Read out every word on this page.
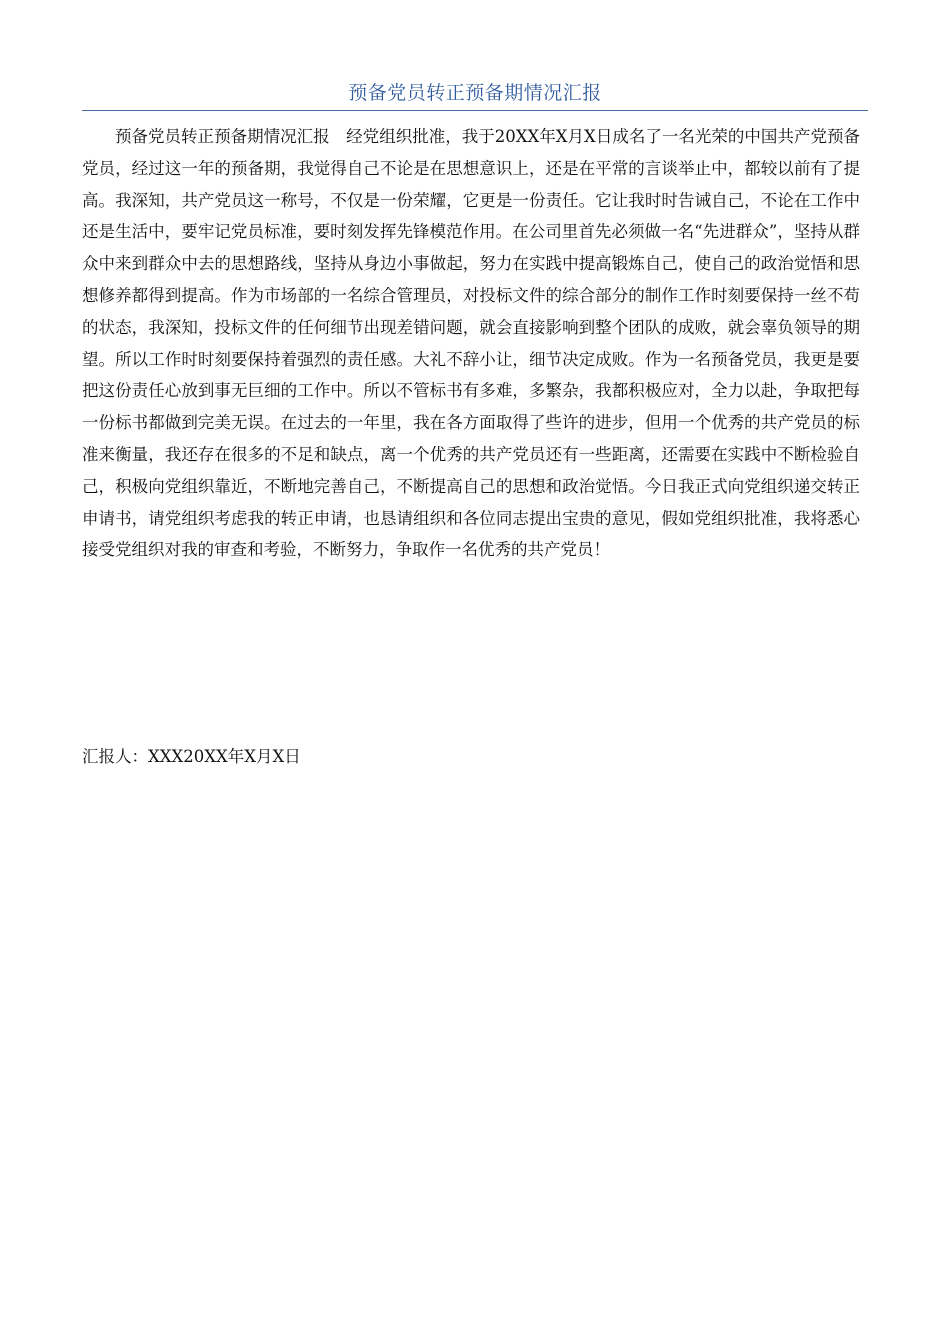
预备党员转正预备期情况汇报

预备党员转正预备期情况汇报　经党组织批准，我于20XX年X月X日成名了一名光荣的中国共产党预备党员，经过这一年的预备期，我觉得自己不论是在思想意识上，还是在平常的言谈举止中，都较以前有了提高。我深知，共产党员这一称号，不仅是一份荣耀，它更是一份责任。它让我时时告诫自己，不论在工作中还是生活中，要牢记党员标准，要时刻发挥先锋模范作用。在公司里首先必须做一名“先进群众”，坚持从群众中来到群众中去的思想路线，坚持从身边小事做起，努力在实践中提高锻炼自己，使自己的政治觉悟和思想修养都得到提高。作为市场部的一名综合管理员，对投标文件的综合部分的制作工作时刻要保持一丝不苟的状态，我深知，投标文件的任何细节出现差错问题，就会直接影响到整个团队的成败，就会辜负领导的期望。所以工作时时刻要保持着强烈的责任感。大礼不辞小让，细节决定成败。作为一名预备党员，我更是要把这份责任心放到事无巨细的工作中。所以不管标书有多难，多繁杂，我都积极应对，全力以赴，争取把每一份标书都做到完美无误。在过去的一年里，我在各方面取得了些许的进步，但用一个优秀的共产党员的标准来衡量，我还存在很多的不足和缺点，离一个优秀的共产党员还有一些距离，还需要在实践中不断检验自己，积极向党组织靠近，不断地完善自己，不断提高自己的思想和政治觉悟。今日我正式向党组织递交转正申请书，请党组织考虑我的转正申请，也恳请组织和各位同志提出宝贵的意见，假如党组织批准，我将悉心接受党组织对我的审查和考验，不断努力，争取作一名优秀的共产党员！

汇报人：XXX20XX年X月X日
